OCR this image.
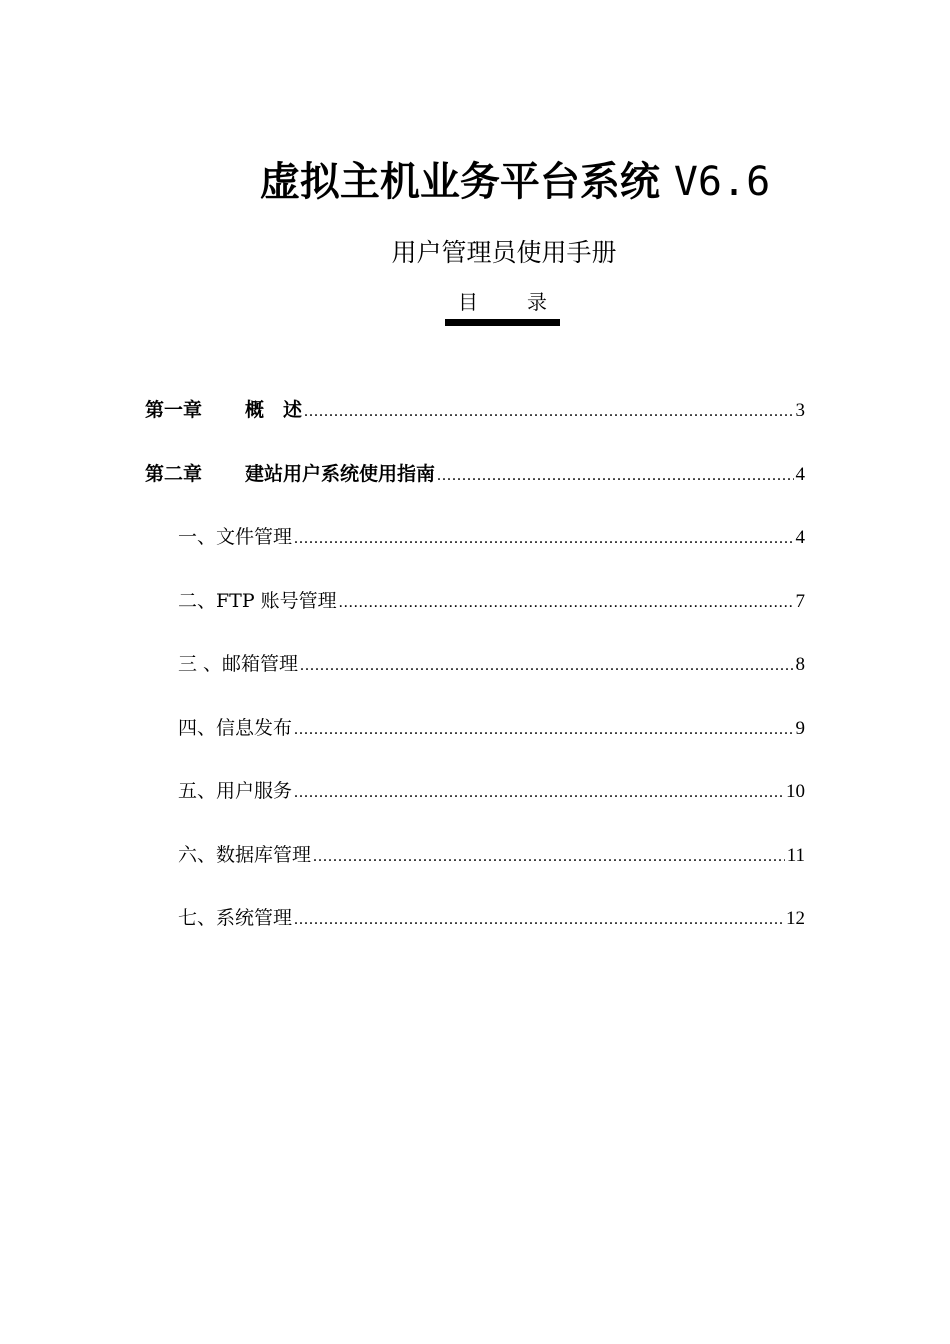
虚拟主机业务平台系统 V6.6
用户管理员使用手册
目 录
第一章 概　述 .....	3
第二章 建站用户系统使用指南 .....	4
一、文件管理 .....	4
二、FTP 账号管理 .....	7
三 、邮箱管理 .....	8
四、信息发布 .....	9
五、用户服务 .....	10
六、数据库管理 .....	11
七、系统管理 .....	12
